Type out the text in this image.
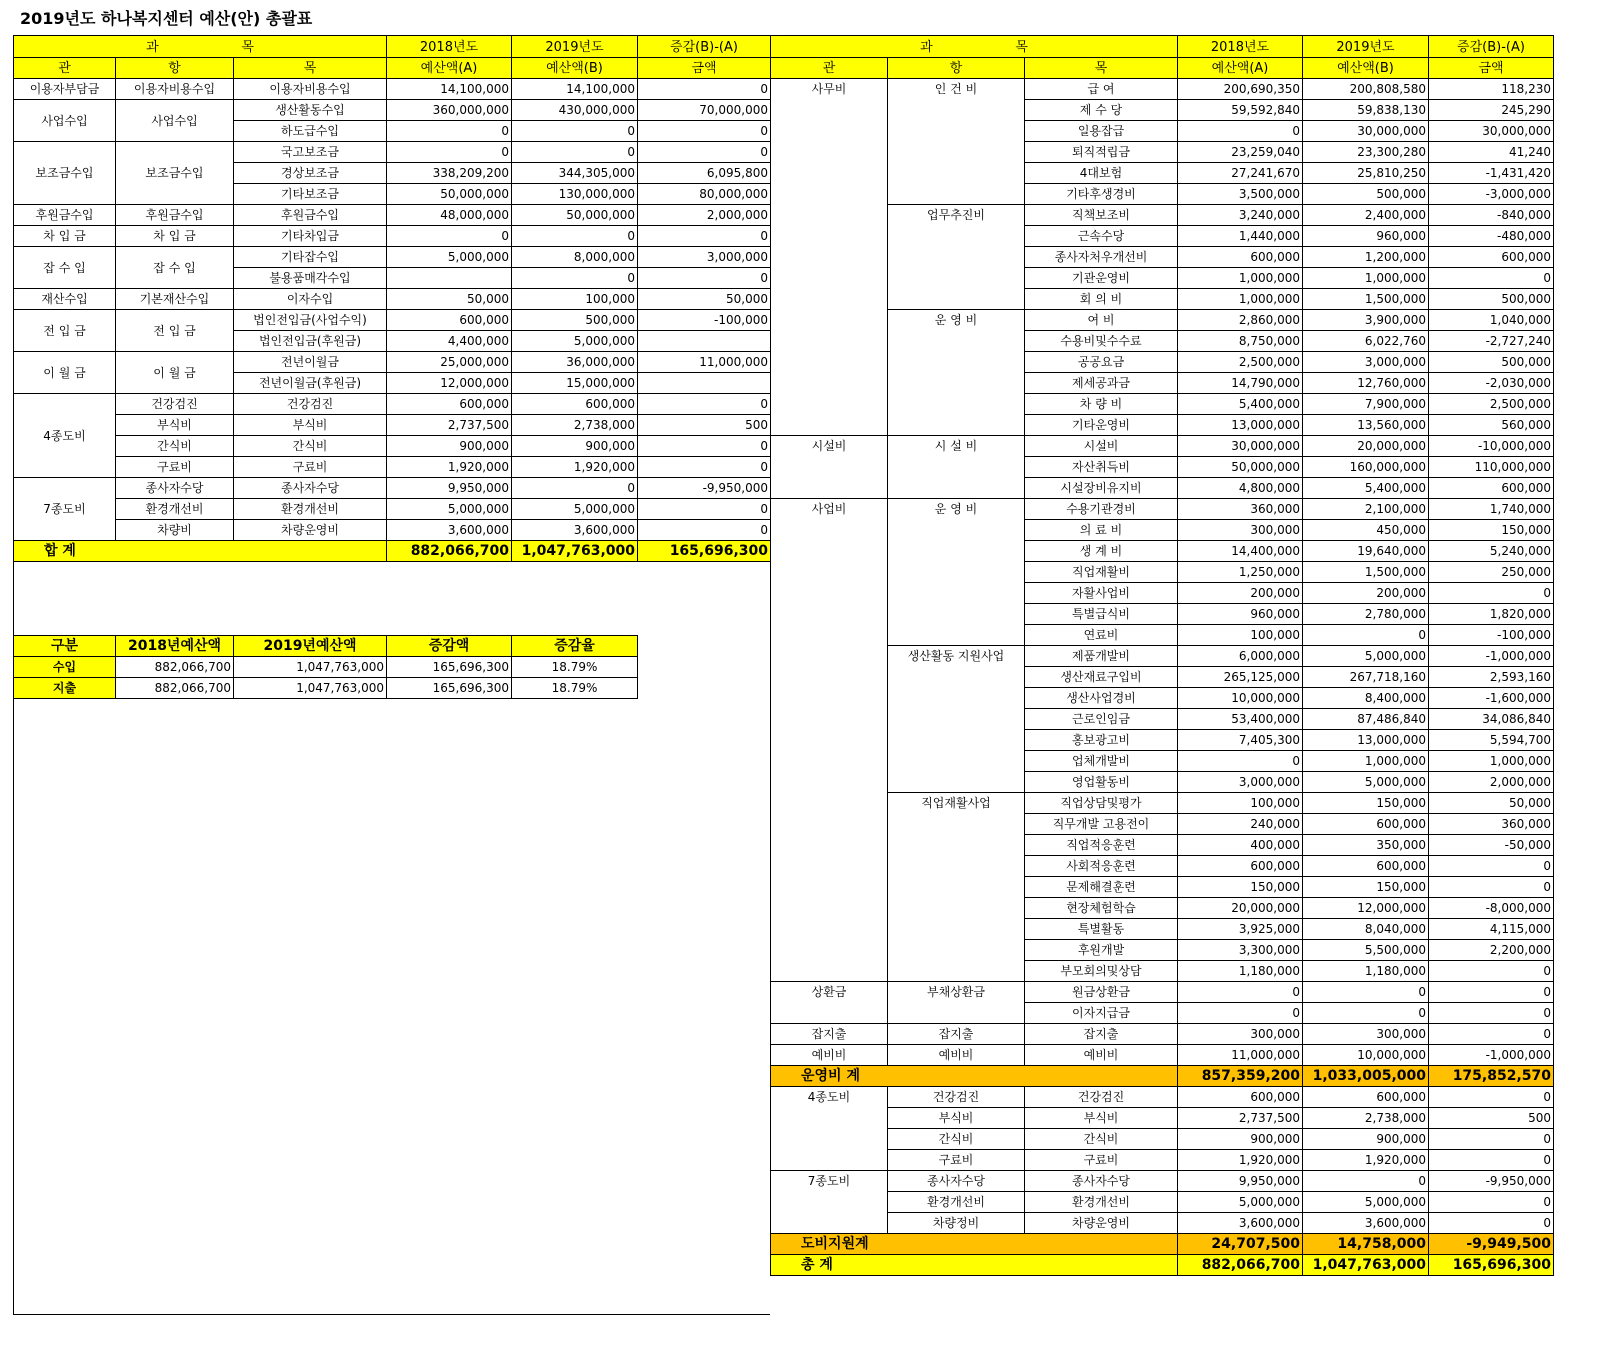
2019년도 하나복지센터 예산(안) 총괄표
과 목			2018년도	2019년도	증감(B)-(A)
관	항	목	예산액(A)	예산액(B)	금액
이용자부담금	이용자비용수입	이용자비용수입	14,100,000	14,100,000	0
사업수입	사업수입	생산활동수입	360,000,000	430,000,000	70,000,000
		하도급수입	0	0	0
보조금수입	보조금수입	국고보조금	0	0	0
		경상보조금	338,209,200	344,305,000	6,095,800
		기타보조금	50,000,000	130,000,000	80,000,000
후원금수입	후원금수입	후원금수입	48,000,000	50,000,000	2,000,000
차 입 금	차 입 금	기타차입금	0	0	0
잡 수 입	잡 수 입	기타잡수입	5,000,000	8,000,000	3,000,000
		불용품매각수입		0	0
재산수입	기본재산수입	이자수입	50,000	100,000	50,000
전 입 금	전 입 금	법인전입금(사업수익)	600,000	500,000	-100,000
		법인전입금(후원금)	4,400,000	5,000,000	
이 월 금	이 월 금	전년이월금	25,000,000	36,000,000	11,000,000
		전년이월금(후원금)	12,000,000	15,000,000	
4종도비	건강검진	건강검진	600,000	600,000	0
	부식비	부식비	2,737,500	2,738,000	500
	간식비	간식비	900,000	900,000	0
	구료비	구료비	1,920,000	1,920,000	0
7종도비	종사자수당	종사자수당	9,950,000	0	-9,950,000
	환경개선비	환경개선비	5,000,000	5,000,000	0
	차량비	차량운영비	3,600,000	3,600,000	0
합 계			882,066,700	1,047,763,000	165,696,300
구분	2018년예산액	2019년예산액	증감액	증감율
수입	882,066,700	1,047,763,000	165,696,300	18.79%
지출	882,066,700	1,047,763,000	165,696,300	18.79%
과 목			2018년도	2019년도	증감(B)-(A)
관	항	목	예산액(A)	예산액(B)	금액
사무비	인 건 비	급 여	200,690,350	200,808,580	118,230
		제 수 당	59,592,840	59,838,130	245,290
		일용잡급	0	30,000,000	30,000,000
		퇴직적립금	23,259,040	23,300,280	41,240
		4대보험	27,241,670	25,810,250	-1,431,420
		기타후생경비	3,500,000	500,000	-3,000,000
	업무추진비	직책보조비	3,240,000	2,400,000	-840,000
		근속수당	1,440,000	960,000	-480,000
		종사자처우개선비	600,000	1,200,000	600,000
		기관운영비	1,000,000	1,000,000	0
		회 의 비	1,000,000	1,500,000	500,000
	운 영 비	여 비	2,860,000	3,900,000	1,040,000
		수용비및수수료	8,750,000	6,022,760	-2,727,240
		공공요금	2,500,000	3,000,000	500,000
		제세공과금	14,790,000	12,760,000	-2,030,000
		차 량 비	5,400,000	7,900,000	2,500,000
		기타운영비	13,000,000	13,560,000	560,000
시설비	시 설 비	시설비	30,000,000	20,000,000	-10,000,000
		자산취득비	50,000,000	160,000,000	110,000,000
		시설장비유지비	4,800,000	5,400,000	600,000
사업비	운 영 비	수용기관경비	360,000	2,100,000	1,740,000
		의 료 비	300,000	450,000	150,000
		생 계 비	14,400,000	19,640,000	5,240,000
		직업재활비	1,250,000	1,500,000	250,000
		자활사업비	200,000	200,000	0
		특별급식비	960,000	2,780,000	1,820,000
		연료비	100,000	0	-100,000
	생산활동 지원사업	제품개발비	6,000,000	5,000,000	-1,000,000
		생산재료구입비	265,125,000	267,718,160	2,593,160
		생산사업경비	10,000,000	8,400,000	-1,600,000
		근로인임금	53,400,000	87,486,840	34,086,840
		홍보광고비	7,405,300	13,000,000	5,594,700
		업체개발비	0	1,000,000	1,000,000
		영업활동비	3,000,000	5,000,000	2,000,000
	직업재활사업	직업상담및평가	100,000	150,000	50,000
		직무개발 고용전이	240,000	600,000	360,000
		직업적응훈련	400,000	350,000	-50,000
		사회적응훈련	600,000	600,000	0
		문제해결훈련	150,000	150,000	0
		현장체험학습	20,000,000	12,000,000	-8,000,000
		특별활동	3,925,000	8,040,000	4,115,000
		후원개발	3,300,000	5,500,000	2,200,000
		부모회의및상담	1,180,000	1,180,000	0
상환금	부채상환금	원금상환금	0	0	0
		이자지급금	0	0	0
잡지출	잡지출	잡지출	300,000	300,000	0
예비비	예비비	예비비	11,000,000	10,000,000	-1,000,000
운영비 계			857,359,200	1,033,005,000	175,852,570
4종도비	건강검진	건강검진	600,000	600,000	0
	부식비	부식비	2,737,500	2,738,000	500
	간식비	간식비	900,000	900,000	0
	구료비	구료비	1,920,000	1,920,000	0
7종도비	종사자수당	종사자수당	9,950,000	0	-9,950,000
	환경개선비	환경개선비	5,000,000	5,000,000	0
	차량정비	차량운영비	3,600,000	3,600,000	0
도비지원계			24,707,500	14,758,000	-9,949,500
총 계			882,066,700	1,047,763,000	165,696,300
